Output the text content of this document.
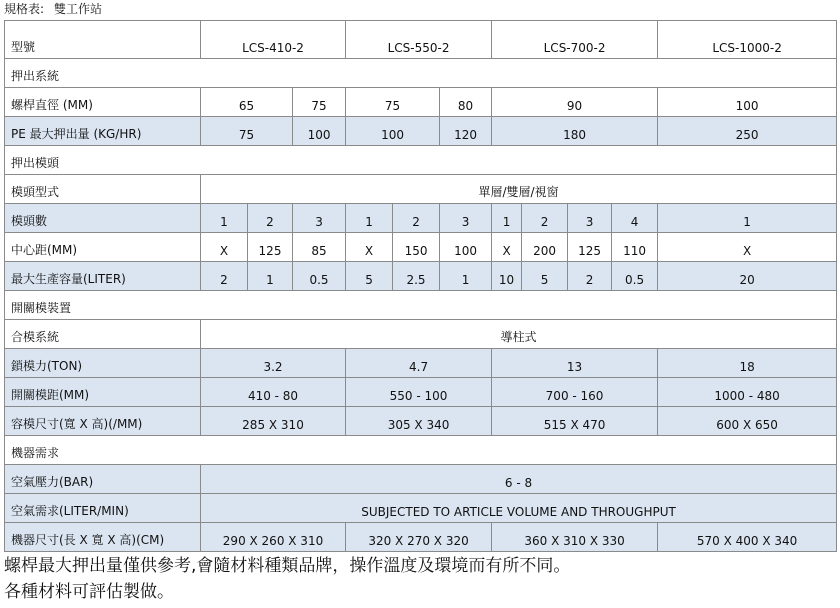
規格表: 雙工作站
型號	LCS-410-2			LCS-550-2			LCS-700-2				LCS-1000-2
押出系統											
螺桿直徑 (MM)	65		75	75		80	90				100
PE 最大押出量 (KG/HR)	75		100	100		120	180				250
押出模頭											
模頭型式	單層/雙層/視窗										
模頭數	1	2	3	1	2	3	1	2	3	4	1
中心距(MM)	X	125	85	X	150	100	X	200	125	110	X
最大生產容量(LITER)	2	1	0.5	5	2.5	1	10	5	2	0.5	20
開關模裝置											
合模系統	導柱式										
鎖模力(TON)	3.2			4.7			13				18
開關模距(MM)	410 - 80			550 - 100			700 - 160				1000 - 480
容模尺寸(寬 X 高)(/MM)	285 X 310			305 X 340			515 X 470				600 X 650
機器需求											
空氣壓力(BAR)	6 - 8										
空氣需求(LITER/MIN)	SUBJECTED TO ARTICLE VOLUME AND THROUGHPUT										
機器尺寸(長 X 寬 X 高)(CM)	290 X 260 X 310			320 X 270 X 320			360 X 310 X 330				570 X 400 X 340
螺桿最大押出量僅供參考,會隨材料種類品牌，操作溫度及環境而有所不同。
各種材料可評估製做。
